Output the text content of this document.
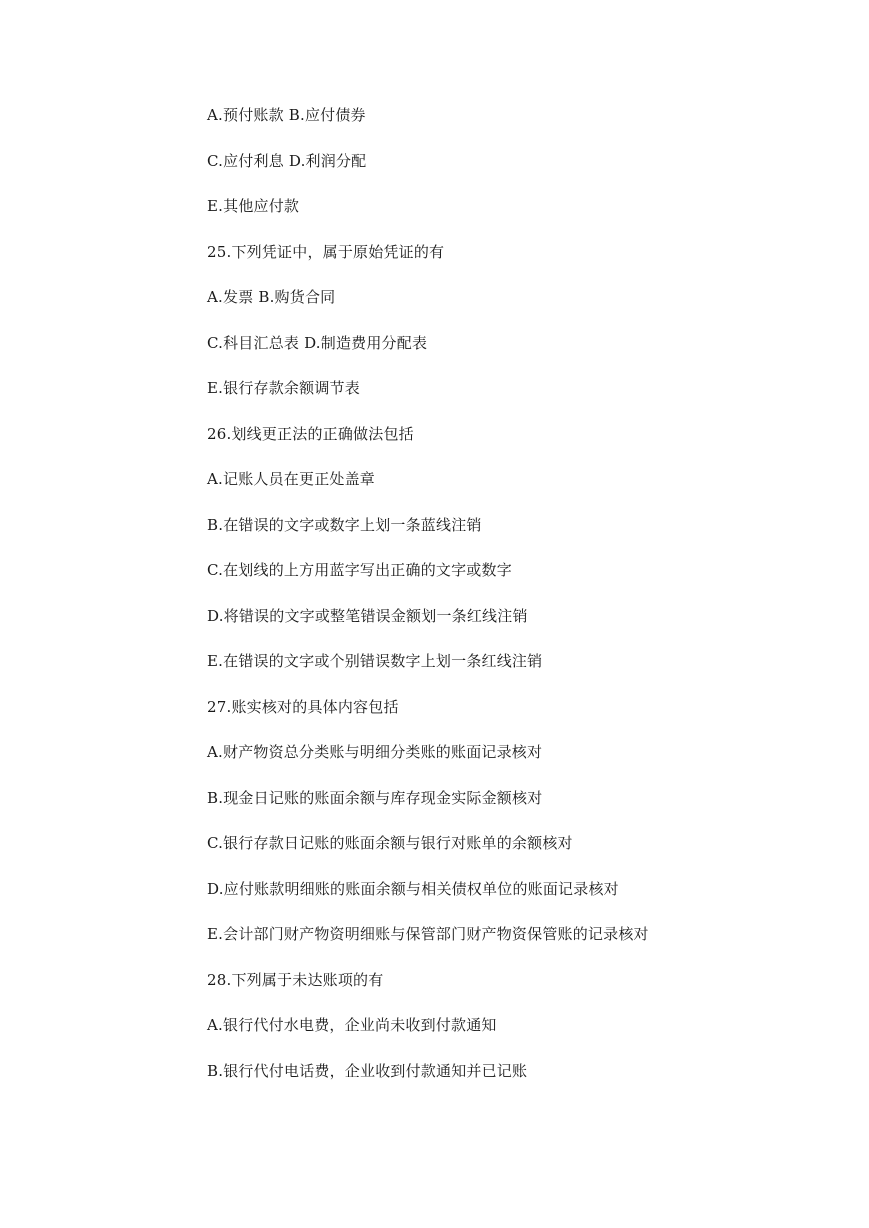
A.预付账款 B.应付债券
C.应付利息 D.利润分配
E.其他应付款
25.下列凭证中，属于原始凭证的有
A.发票 B.购货合同
C.科目汇总表 D.制造费用分配表
E.银行存款余额调节表
26.划线更正法的正确做法包括
A.记账人员在更正处盖章
B.在错误的文字或数字上划一条蓝线注销
C.在划线的上方用蓝字写出正确的文字或数字
D.将错误的文字或整笔错误金额划一条红线注销
E.在错误的文字或个别错误数字上划一条红线注销
27.账实核对的具体内容包括
A.财产物资总分类账与明细分类账的账面记录核对
B.现金日记账的账面余额与库存现金实际金额核对
C.银行存款日记账的账面余额与银行对账单的余额核对
D.应付账款明细账的账面余额与相关债权单位的账面记录核对
E.会计部门财产物资明细账与保管部门财产物资保管账的记录核对
28.下列属于未达账项的有
A.银行代付水电费，企业尚未收到付款通知
B.银行代付电话费，企业收到付款通知并已记账
